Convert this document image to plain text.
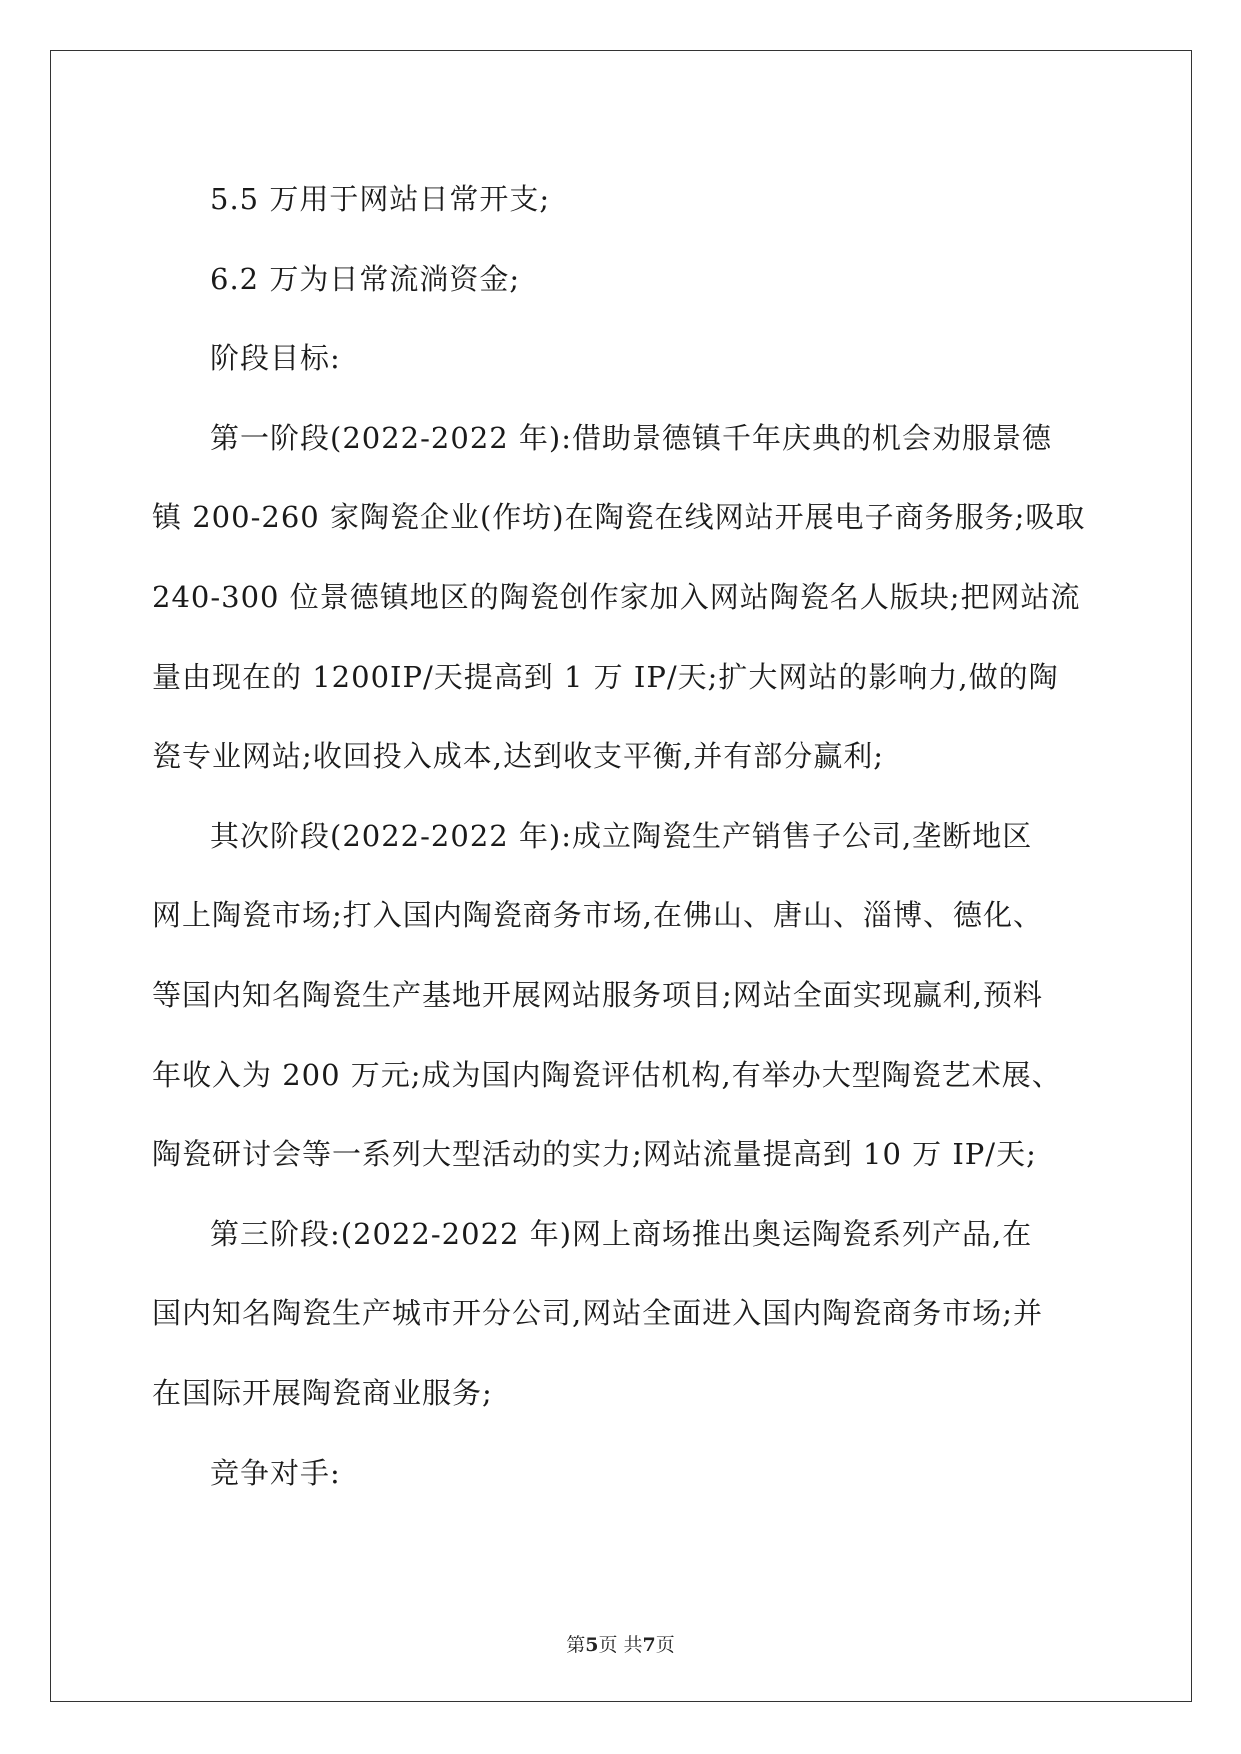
5.5 万用于网站日常开支;

6.2 万为日常流淌资金;

阶段目标:

第一阶段(2022-2022 年):借助景德镇千年庆典的机会劝服景德

镇 200-260 家陶瓷企业(作坊)在陶瓷在线网站开展电子商务服务;吸取

240-300 位景德镇地区的陶瓷创作家加入网站陶瓷名人版块;把网站流

量由现在的 1200IP/天提高到 1 万 IP/天;扩大网站的影响力,做的陶

瓷专业网站;收回投入成本,达到收支平衡,并有部分赢利;

其次阶段(2022-2022 年):成立陶瓷生产销售子公司,垄断地区

网上陶瓷市场;打入国内陶瓷商务市场,在佛山、唐山、淄博、德化、

等国内知名陶瓷生产基地开展网站服务项目;网站全面实现赢利,预料

年收入为 200 万元;成为国内陶瓷评估机构,有举办大型陶瓷艺术展、

陶瓷研讨会等一系列大型活动的实力;网站流量提高到 10 万 IP/天;

第三阶段:(2022-2022 年)网上商场推出奥运陶瓷系列产品,在

国内知名陶瓷生产城市开分公司,网站全面进入国内陶瓷商务市场;并

在国际开展陶瓷商业服务;

竞争对手:

第5页 共7页
